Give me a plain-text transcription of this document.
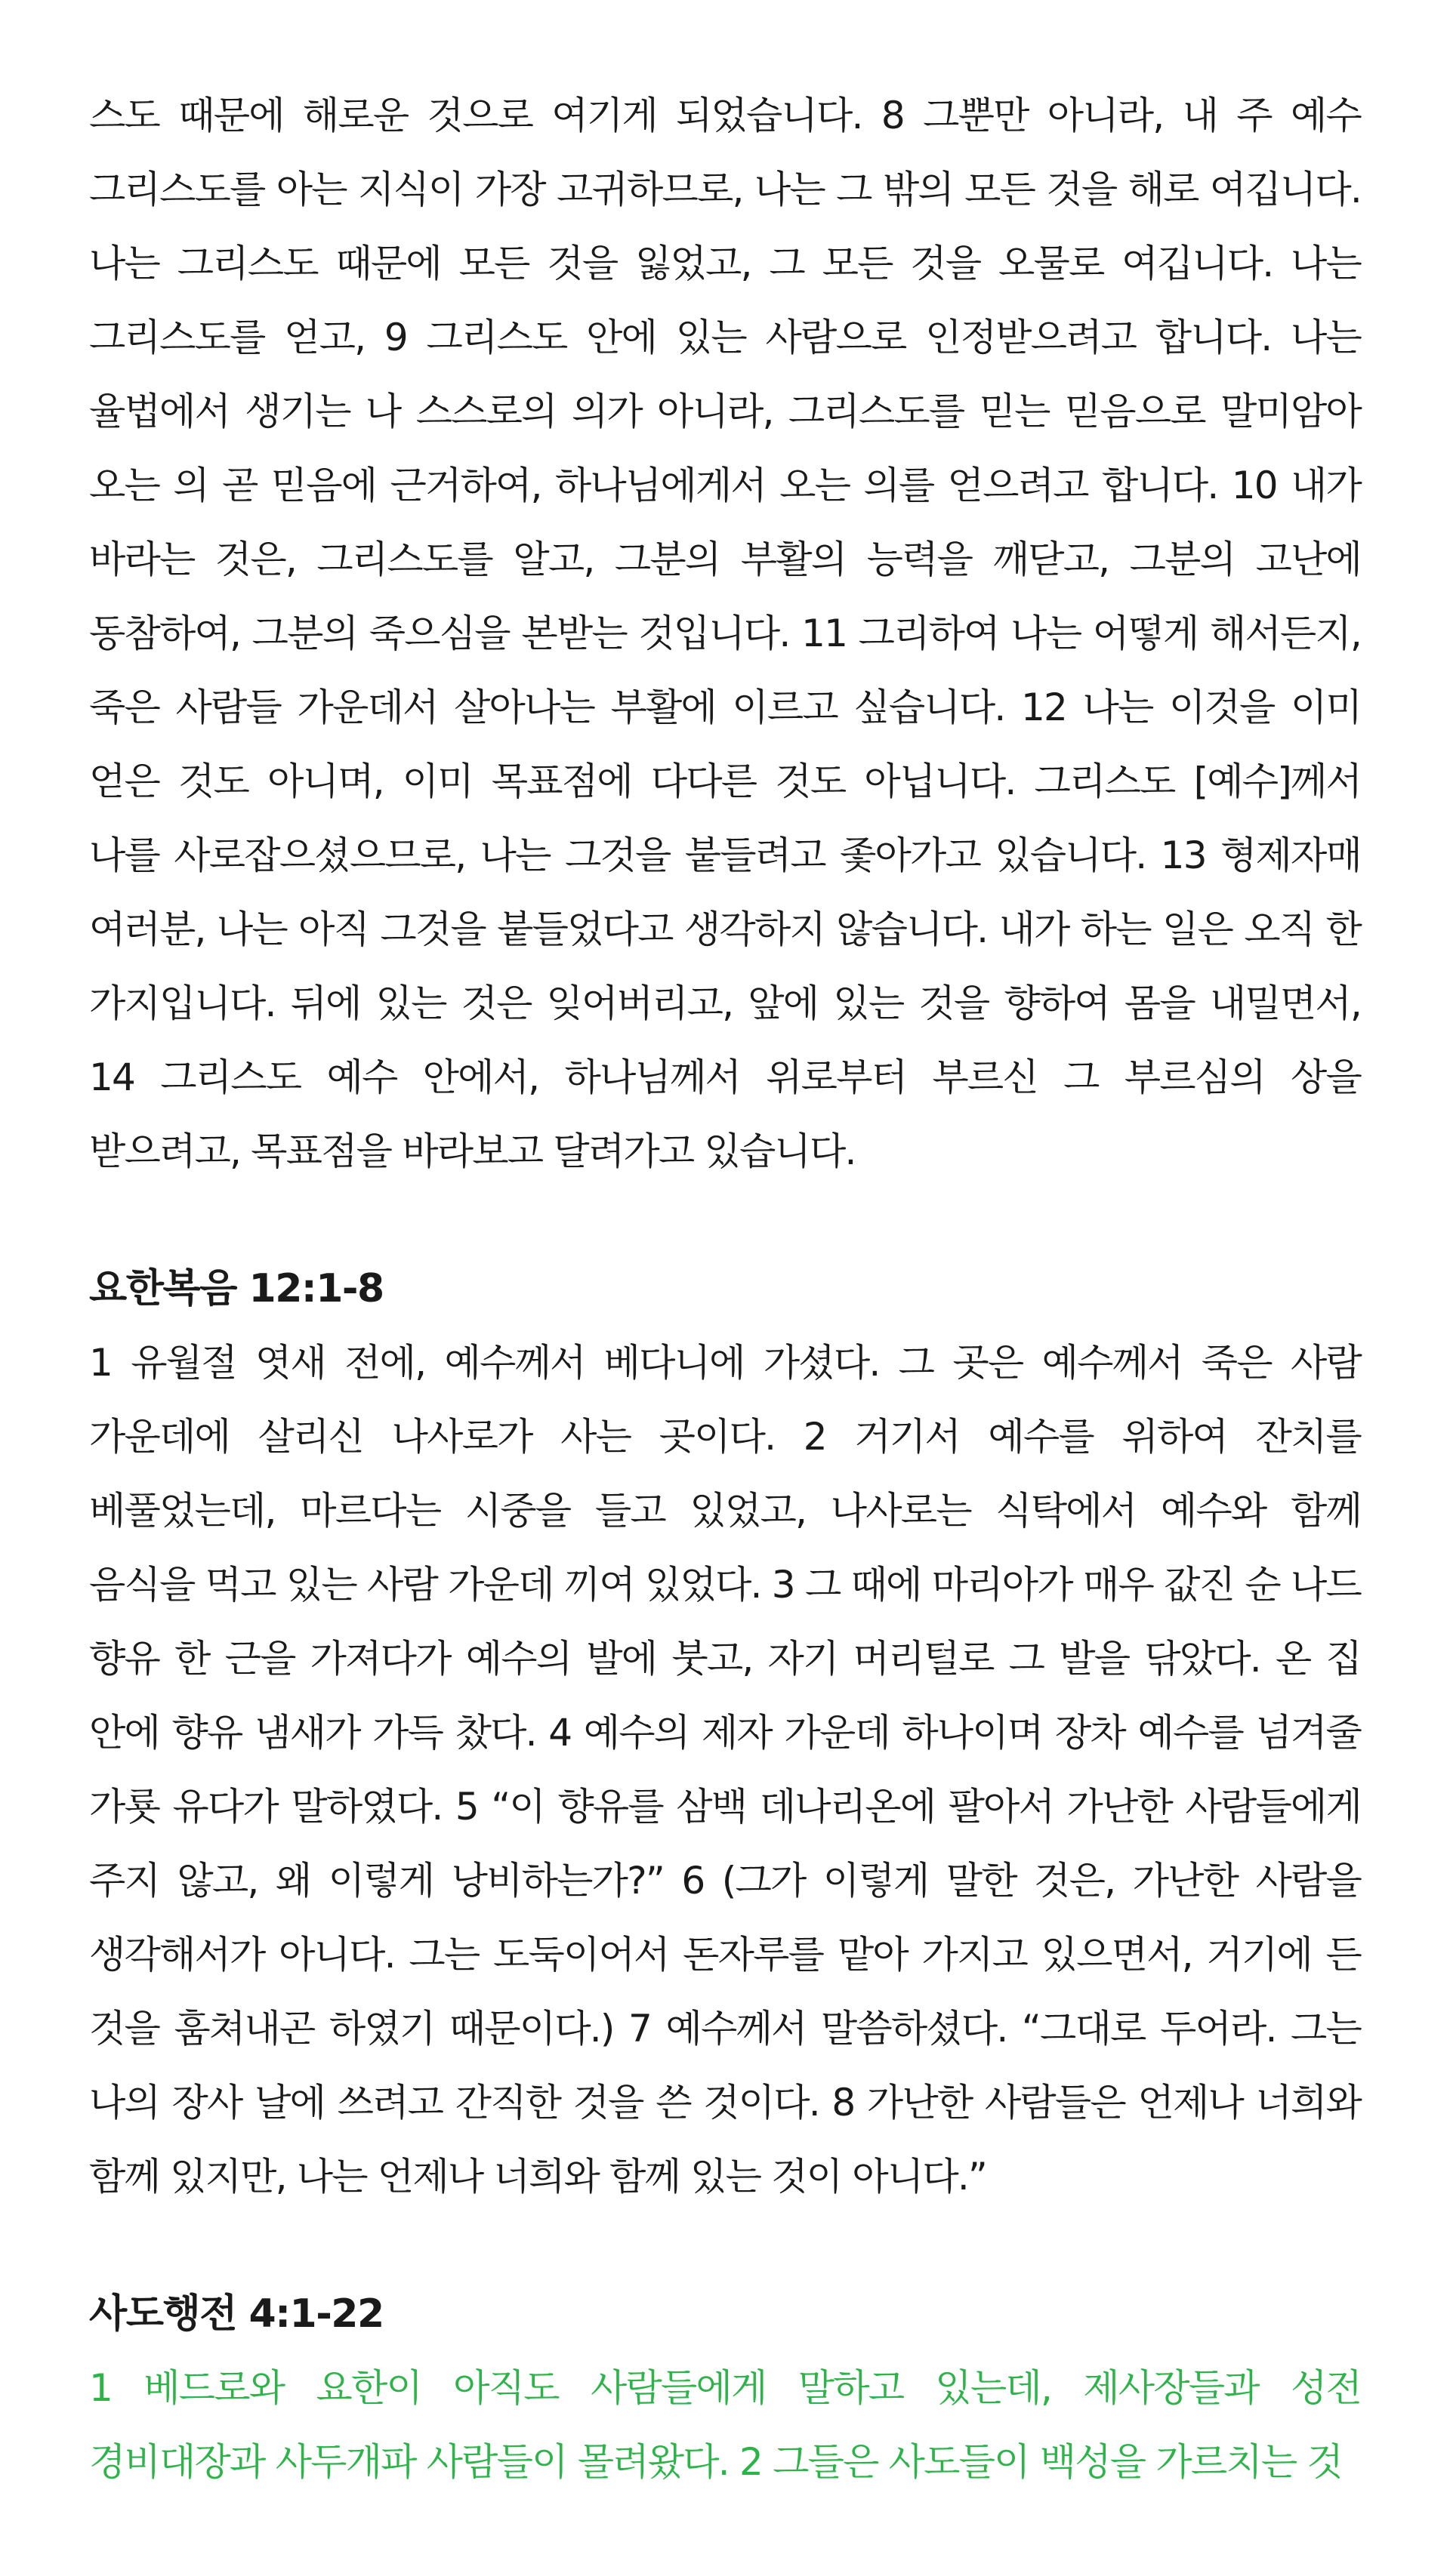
스도 때문에 해로운 것으로 여기게 되었습니다. 8 그뿐만 아니라, 내 주 예수 그리스도를 아는 지식이 가장 고귀하므로, 나는 그 밖의 모든 것을 해로 여깁니다. 나는 그리스도 때문에 모든 것을 잃었고, 그 모든 것을 오물로 여깁니다. 나는 그리스도를 얻고, 9 그리스도 안에 있는 사람으로 인정받으려고 합니다. 나는 율법에서 생기는 나 스스로의 의가 아니라, 그리스도를 믿는 믿음으로 말미암아 오는 의 곧 믿음에 근거하여, 하나님에게서 오는 의를 얻으려고 합니다. 10 내가 바라는 것은, 그리스도를 알고, 그분의 부활의 능력을 깨닫고, 그분의 고난에 동참하여, 그분의 죽으심을 본받는 것입니다. 11 그리하여 나는 어떻게 해서든지, 죽은 사람들 가운데서 살아나는 부활에 이르고 싶습니다. 12 나는 이것을 이미 얻은 것도 아니며, 이미 목표점에 다다른 것도 아닙니다. 그리스도 [예수]께서 나를 사로잡으셨으므로, 나는 그것을 붙들려고 좇아가고 있습니다. 13 형제자매 여러분, 나는 아직 그것을 붙들었다고 생각하지 않습니다. 내가 하는 일은 오직 한 가지입니다. 뒤에 있는 것은 잊어버리고, 앞에 있는 것을 향하여 몸을 내밀면서, 14 그리스도 예수 안에서, 하나님께서 위로부터 부르신 그 부르심의 상을 받으려고, 목표점을 바라보고 달려가고 있습니다.

요한복음 12:1-8

1 유월절 엿새 전에, 예수께서 베다니에 가셨다. 그 곳은 예수께서 죽은 사람 가운데에 살리신 나사로가 사는 곳이다. 2 거기서 예수를 위하여 잔치를 베풀었는데, 마르다는 시중을 들고 있었고, 나사로는 식탁에서 예수와 함께 음식을 먹고 있는 사람 가운데 끼여 있었다. 3 그 때에 마리아가 매우 값진 순 나드 향유 한 근을 가져다가 예수의 발에 붓고, 자기 머리털로 그 발을 닦았다. 온 집 안에 향유 냄새가 가득 찼다. 4 예수의 제자 가운데 하나이며 장차 예수를 넘겨줄 가룟 유다가 말하였다. 5 “이 향유를 삼백 데나리온에 팔아서 가난한 사람들에게 주지 않고, 왜 이렇게 낭비하는가?” 6 (그가 이렇게 말한 것은, 가난한 사람을 생각해서가 아니다. 그는 도둑이어서 돈자루를 맡아 가지고 있으면서, 거기에 든 것을 훔쳐내곤 하였기 때문이다.) 7 예수께서 말씀하셨다. “그대로 두어라. 그는 나의 장사 날에 쓰려고 간직한 것을 쓴 것이다. 8 가난한 사람들은 언제나 너희와 함께 있지만, 나는 언제나 너희와 함께 있는 것이 아니다.”

사도행전 4:1-22

1 베드로와 요한이 아직도 사람들에게 말하고 있는데, 제사장들과 성전 경비대장과 사두개파 사람들이 몰려왔다. 2 그들은 사도들이 백성을 가르치는 것
